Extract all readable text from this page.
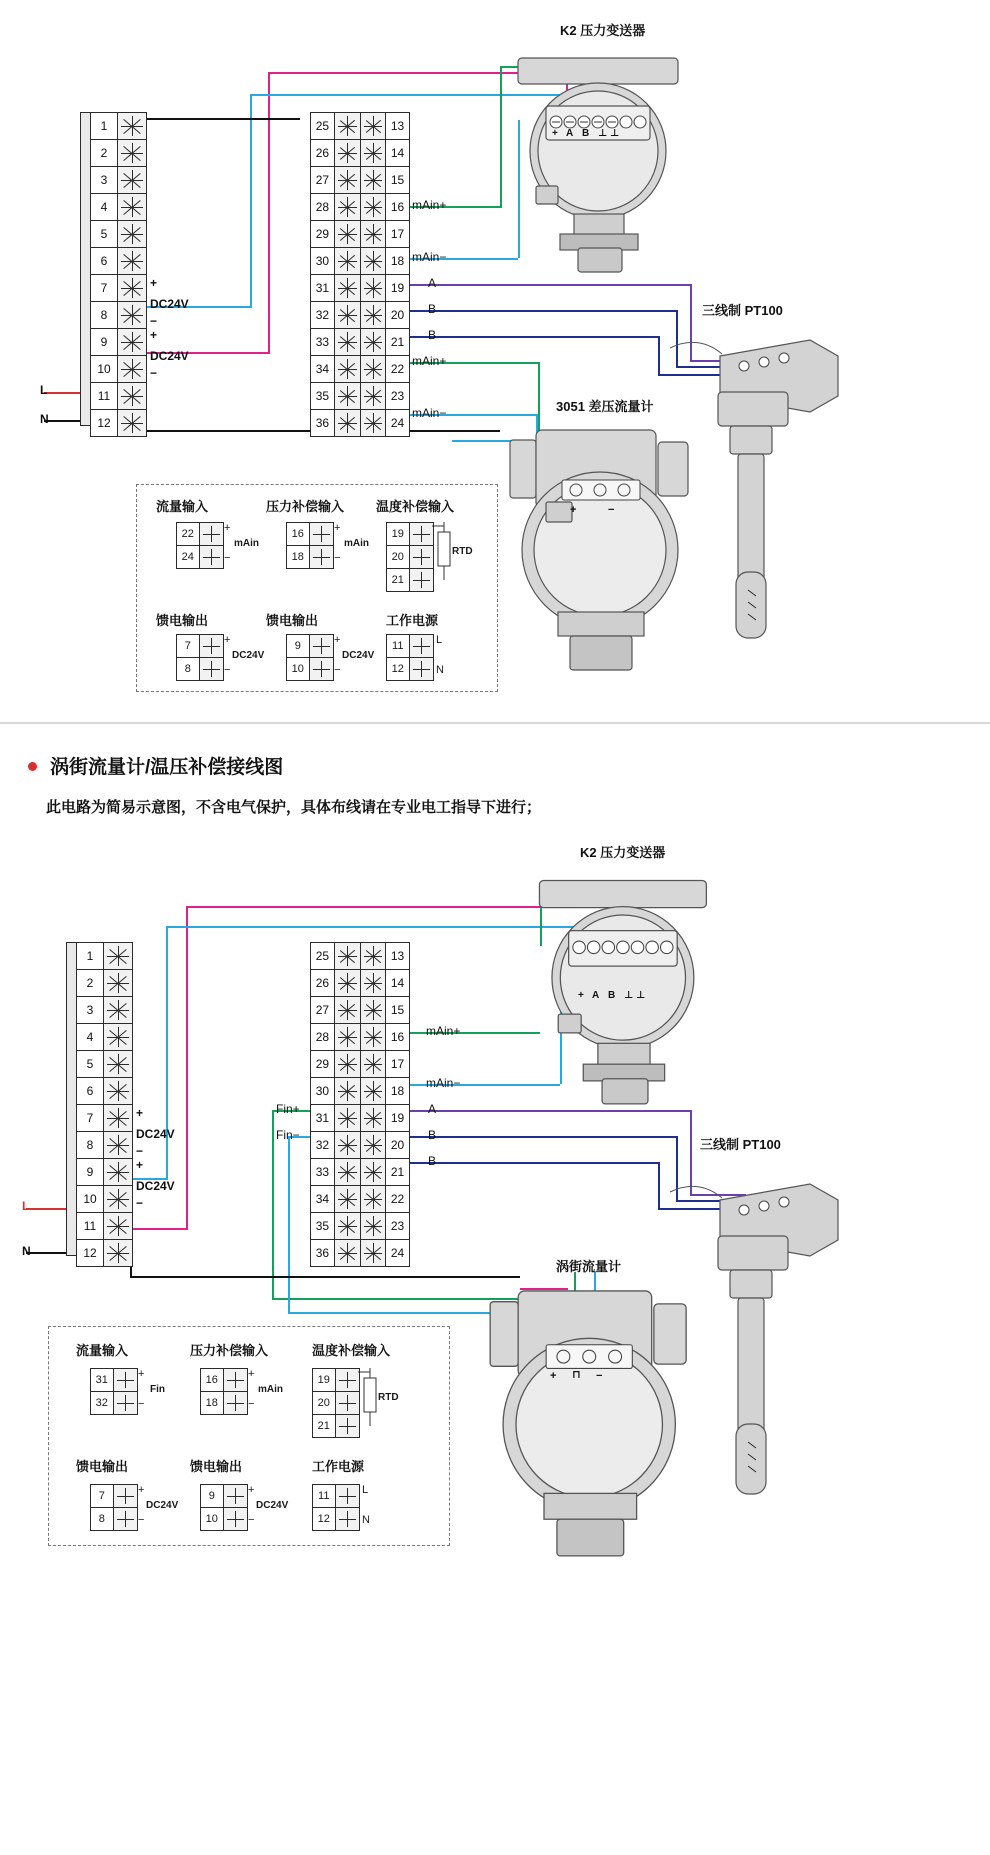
1
2
3
4
5
6
7
8
9
10
11
12
+
DC24V
−
+
DC24V
−
L
N
25	13
26	14
27	15
28	16
29	17
30	18
31	19
32	20
33	21
34	22
35	23
36	24
mAin+
mAin−
A
B
B
mAin+
mAin−
K2 压力变送器
+ A B ⊥ ⊥
3051 差压流量计
+	−
三线制 PT100
流量输入
22
24
+
−
mAin
压力补偿输入
16
18
+
−
mAin
温度补偿输入
19
20
21
RTD
馈电输出
7
8
+
−
DC24V
馈电输出
9
10
+
−
DC24V
工作电源
11
12
L
N
涡街流量计/温压补偿接线图
此电路为简易示意图，不含电气保护，具体布线请在专业电工指导下进行；
1
2
3
4
5
6
7
8
9
10
11
12
+
DC24V
−
+
DC24V
−
L
N
25	13
26	14
27	15
28	16
29	17
30	18
31	19
32	20
33	21
34	22
35	23
36	24
Fin+
Fin−
mAin+
mAin−
A
B
B
K2 压力变送器
+ A B ⊥ ⊥
涡街流量计
+ ⊓ −
三线制 PT100
流量输入
31
32
+
−
Fin
压力补偿输入
16
18
+
−
mAin
温度补偿输入
19
20
21
RTD
馈电输出
7
8
+
−
DC24V
馈电输出
9
10
+
−
DC24V
工作电源
11
12
L
N
